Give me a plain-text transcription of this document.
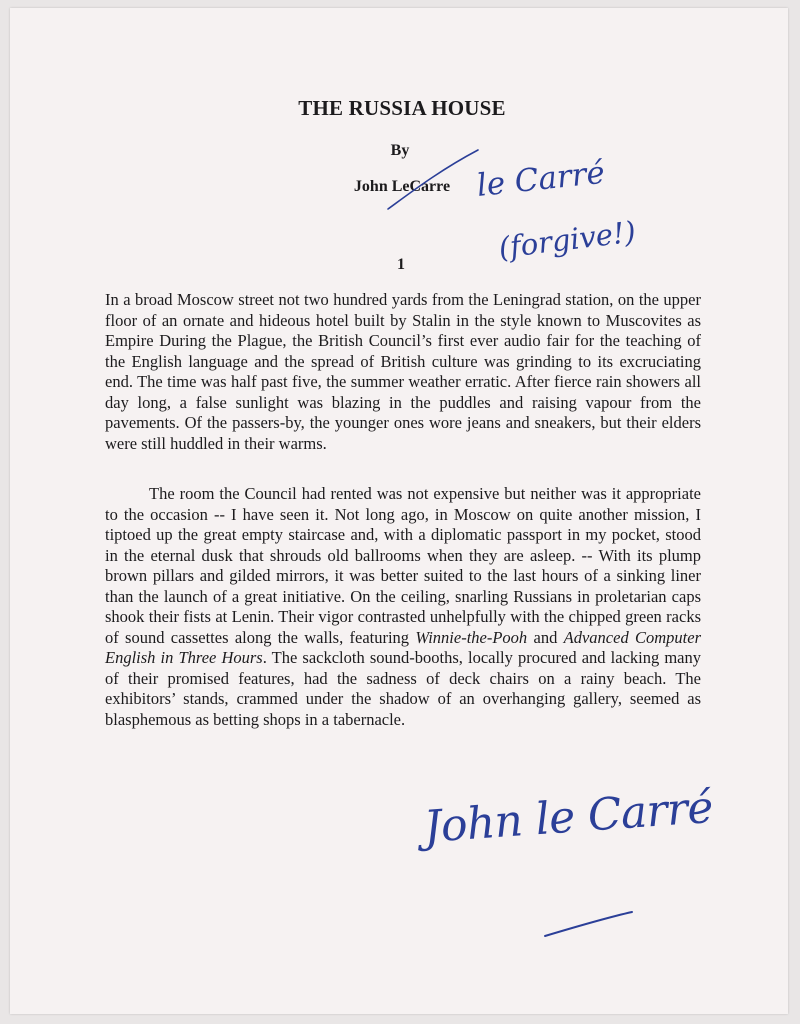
THE RUSSIA HOUSE
By
John LeCarre
1

In a broad Moscow street not two hundred yards from the Leningrad station, on the upper floor of an ornate and hideous hotel built by Stalin in the style known to Muscovites as Empire During the Plague, the British Council’s first ever audio fair for the teaching of the English language and the spread of British culture was grinding to its excruciating end. The time was half past five, the summer weather erratic. After fierce rain showers all day long, a false sunlight was blazing in the puddles and raising vapour from the pavements. Of the passers-by, the younger ones wore jeans and sneakers, but their elders were still huddled in their warms.

The room the Council had rented was not expensive but neither was it appropriate to the occasion -- I have seen it. Not long ago, in Moscow on quite another mission, I tiptoed up the great empty staircase and, with a diplomatic passport in my pocket, stood in the eternal dusk that shrouds old ballrooms when they are asleep. -- With its plump brown pillars and gilded mirrors, it was better suited to the last hours of a sinking liner than the launch of a great initiative. On the ceiling, snarling Russians in proletarian caps shook their fists at Lenin. Their vigor contrasted unhelpfully with the chipped green racks of sound cassettes along the walls, featuring Winnie-the-Pooh and Advanced Computer English in Three Hours. The sackcloth sound-booths, locally procured and lacking many of their promised features, had the sadness of deck chairs on a rainy beach. The exhibitors’ stands, crammed under the shadow of an overhanging gallery, seemed as blasphemous as betting shops in a tabernacle.

le Carré
(forgive!)
John le Carré
